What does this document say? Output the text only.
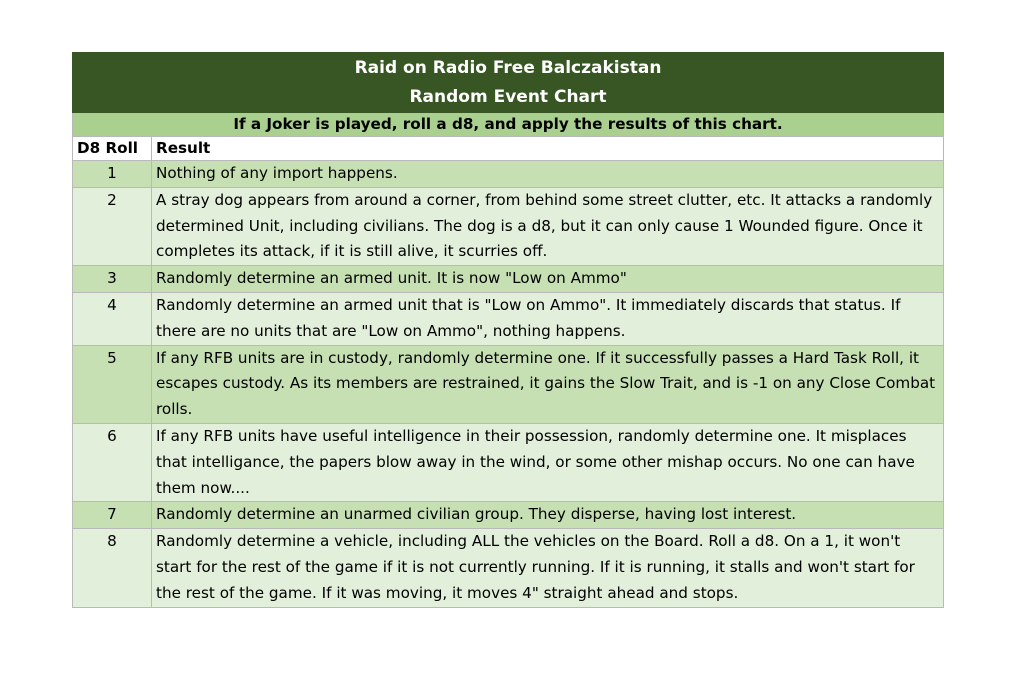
Raid on Radio Free Balczakistan
Random Event Chart	

If a Joker is played, roll a d8, and apply the results of this chart.	
D8 Roll	Result
1	Nothing of any import happens.
2	A stray dog appears from around a corner, from behind some street clutter, etc. It attacks a randomly determined Unit, including civilians. The dog is a d8, but it can only cause 1 Wounded figure. Once it completes its attack, if it is still alive, it scurries off.
3	Randomly determine an armed unit. It is now "Low on Ammo"
4	Randomly determine an armed unit that is "Low on Ammo". It immediately discards that status. If there are no units that are "Low on Ammo", nothing happens.
5	If any RFB units are in custody, randomly determine one. If it successfully passes a Hard Task Roll, it escapes custody. As its members are restrained, it gains the Slow Trait, and is -1 on any Close Combat rolls.
6	If any RFB units have useful intelligence in their possession, randomly determine one. It misplaces that intelligance, the papers blow away in the wind, or some other mishap occurs. No one can have them now....
7	Randomly determine an unarmed civilian group. They disperse, having lost interest.
8	Randomly determine a vehicle, including ALL the vehicles on the Board. Roll a d8. On a 1, it won't start for the rest of the game if it is not currently running. If it is running, it stalls and won't start for the rest of the game. If it was moving, it moves 4" straight ahead and stops.
